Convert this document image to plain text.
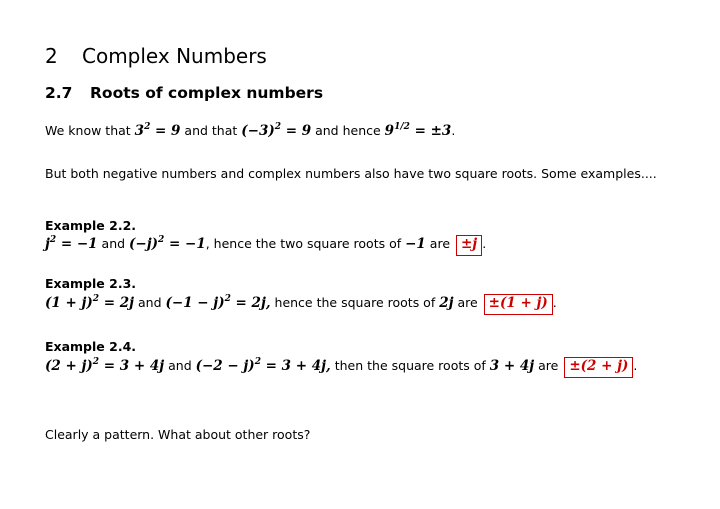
2 Complex Numbers
2.7 Roots of complex numbers
We know that $3^2 = 9$ and that $(-3)^2 = 9$ and hence $9^{1/2} = \pm 3$.
But both negative numbers and complex numbers also have two square roots. Some examples....
Example 2.2.
$j^2 = -1$ and $(-j)^2 = -1$, hence the two square roots of −1 are ±j .
Example 2.3.
$(1 + j)^2 = 2j$ and $(-1 - j)^2 = 2j$, hence the square roots of 2j are ±(1 + j) .
Example 2.4.
$(2 + j)^2 = 3 + 4j$ and $(-2 - j)^2 = 3 + 4j$, then the square roots of 3 + 4j are ±(2 + j) .
Clearly a pattern. What about other roots?
